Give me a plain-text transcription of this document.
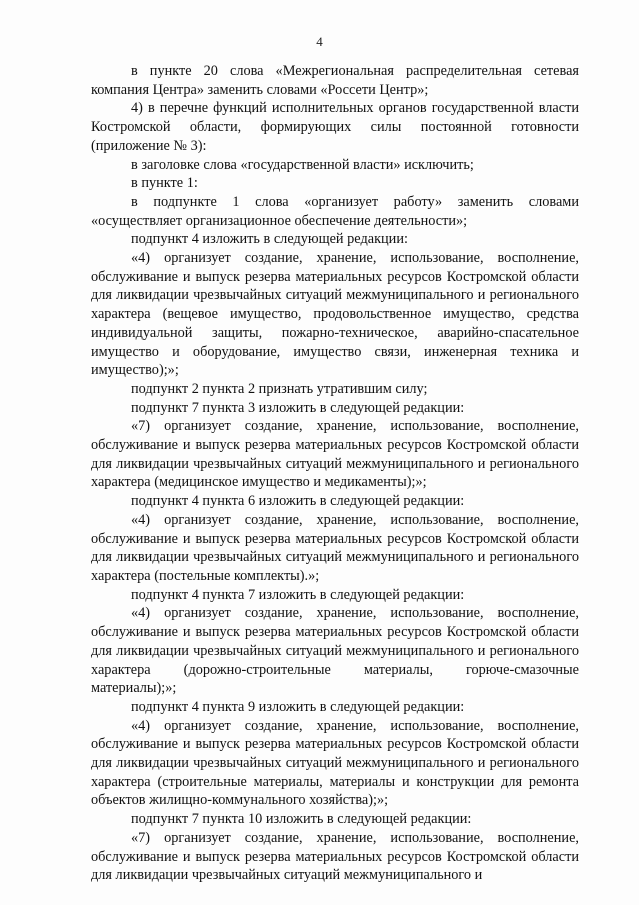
4

в пункте 20 слова «Межрегиональная распределительная сетевая компания Центра» заменить словами «Россети Центр»;

4) в перечне функций исполнительных органов государственной власти Костромской области, формирующих силы постоянной готовности (приложение № 3):

в заголовке слова «государственной власти» исключить;

в пункте 1:

в подпункте 1 слова «организует работу» заменить словами «осуществляет организационное обеспечение деятельности»;

подпункт 4 изложить в следующей редакции:

«4) организует создание, хранение, использование, восполнение, обслуживание и выпуск резерва материальных ресурсов Костромской области для ликвидации чрезвычайных ситуаций межмуниципального и регионального характера (вещевое имущество, продовольственное имущество, средства индивидуальной защиты, пожарно-техническое, аварийно-спасательное имущество и оборудование, имущество связи, инженерная техника и имущество);»;

подпункт 2 пункта 2 признать утратившим силу;

подпункт 7 пункта 3 изложить в следующей редакции:

«7) организует создание, хранение, использование, восполнение, обслуживание и выпуск резерва материальных ресурсов Костромской области для ликвидации чрезвычайных ситуаций межмуниципального и регионального характера (медицинское имущество и медикаменты);»;

подпункт 4 пункта 6 изложить в следующей редакции:

«4) организует создание, хранение, использование, восполнение, обслуживание и выпуск резерва материальных ресурсов Костромской области для ликвидации чрезвычайных ситуаций межмуниципального и регионального характера (постельные комплекты).»;

подпункт 4 пункта 7 изложить в следующей редакции:

«4) организует создание, хранение, использование, восполнение, обслуживание и выпуск резерва материальных ресурсов Костромской области для ликвидации чрезвычайных ситуаций межмуниципального и регионального характера (дорожно-строительные материалы, горюче-смазочные материалы);»;

подпункт 4 пункта 9 изложить в следующей редакции:

«4) организует создание, хранение, использование, восполнение, обслуживание и выпуск резерва материальных ресурсов Костромской области для ликвидации чрезвычайных ситуаций межмуниципального и регионального характера (строительные материалы, материалы и конструкции для ремонта объектов жилищно-коммунального хозяйства);»;

подпункт 7 пункта 10 изложить в следующей редакции:

«7) организует создание, хранение, использование, восполнение, обслуживание и выпуск резерва материальных ресурсов Костромской области для ликвидации чрезвычайных ситуаций межмуниципального и
